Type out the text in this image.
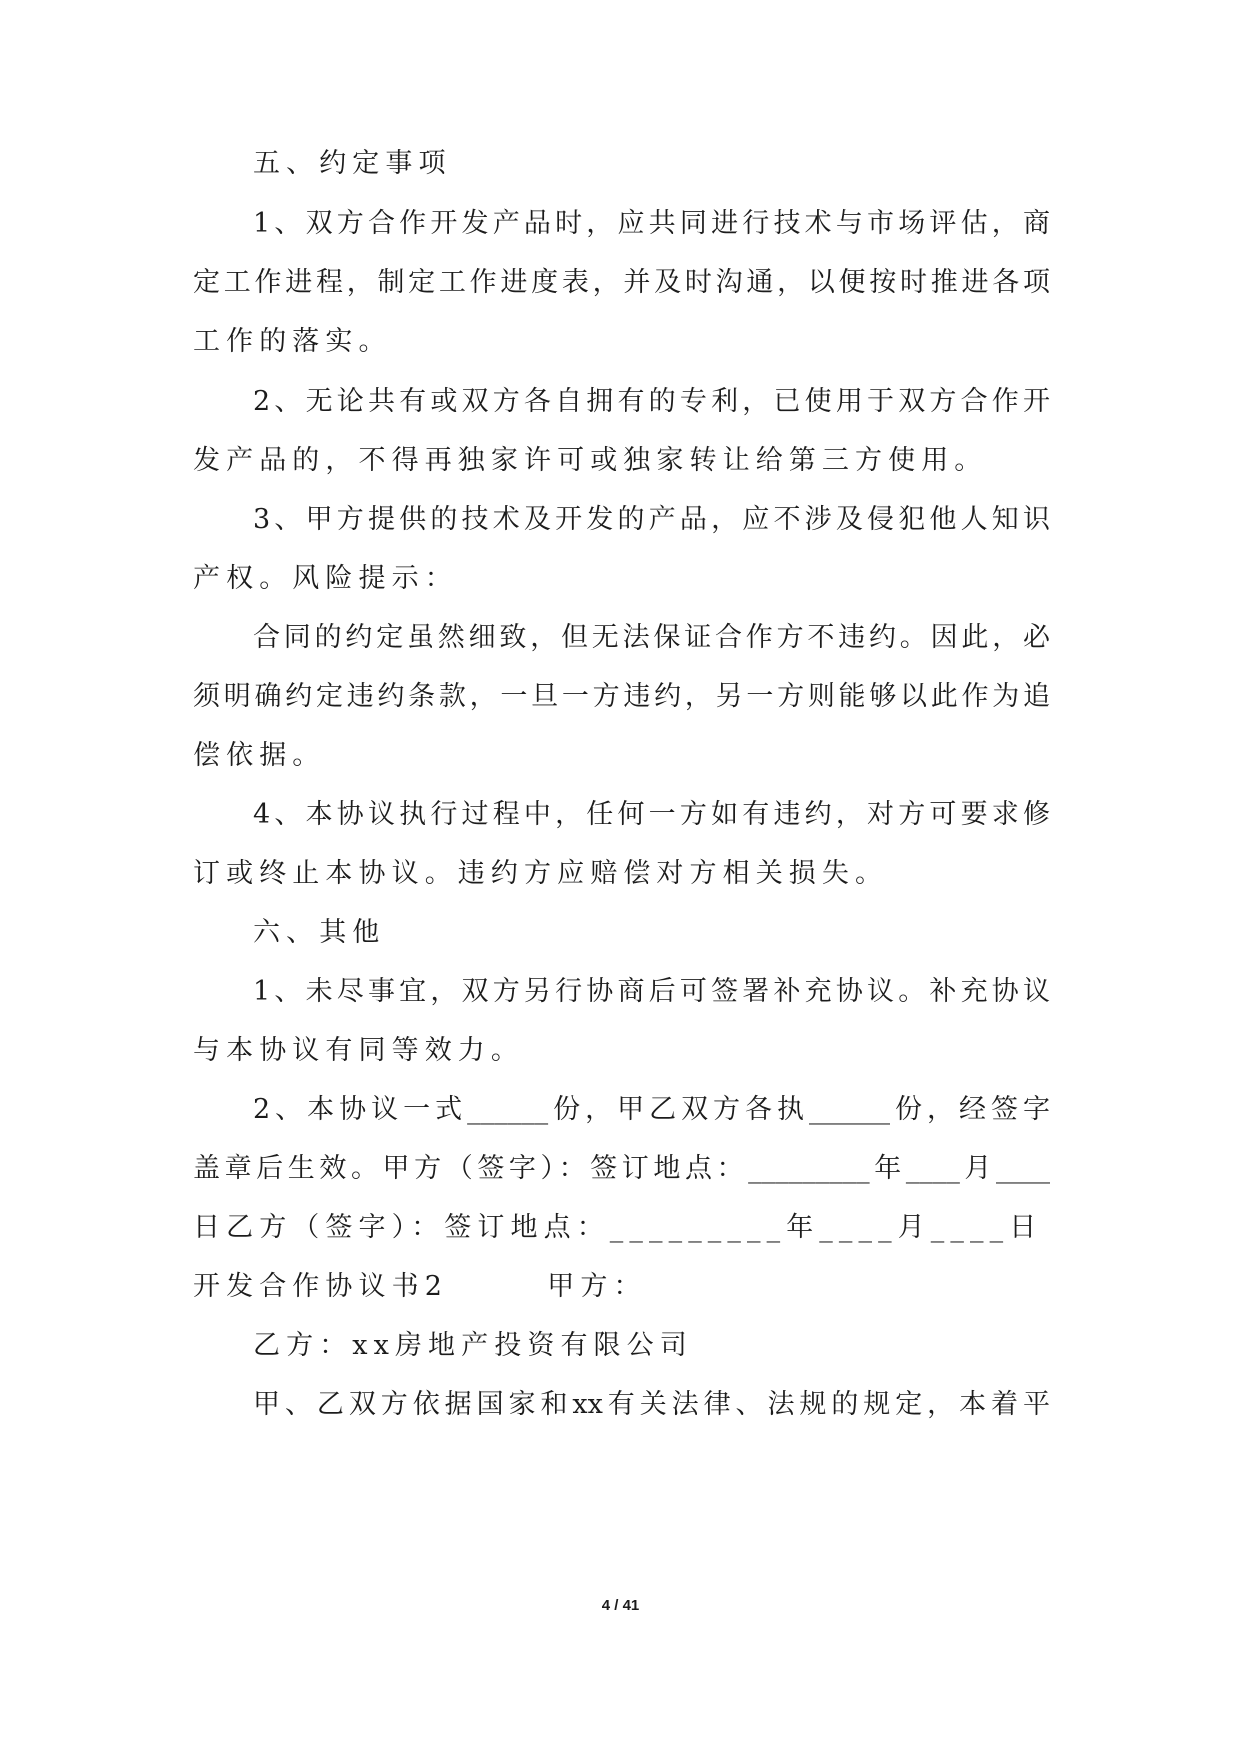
五、约定事项
1、双方合作开发产品时，应共同进行技术与市场评估，商
定工作进程，制定工作进度表，并及时沟通，以便按时推进各项
工作的落实。
2、无论共有或双方各自拥有的专利，已使用于双方合作开
发产品的，不得再独家许可或独家转让给第三方使用。
3、甲方提供的技术及开发的产品，应不涉及侵犯他人知识
产权。风险提示：
合同的约定虽然细致，但无法保证合作方不违约。因此，必
须明确约定违约条款，一旦一方违约，另一方则能够以此作为追
偿依据。
4、本协议执行过程中，任何一方如有违约，对方可要求修
订或终止本协议。违约方应赔偿对方相关损失。
六、其他
1、未尽事宜，双方另行协商后可签署补充协议。补充协议
与本协议有同等效力。
2、本协议一式______份，甲乙双方各执______份，经签字
盖章后生效。甲方（签字）：签订地点：_________年____月____
日乙方（签字）：签订地点：_________年____月____日
开发合作协议书2　　　甲方：
乙方：xx房地产投资有限公司
甲、乙双方依据国家和xx有关法律、法规的规定，本着平
4 / 41
